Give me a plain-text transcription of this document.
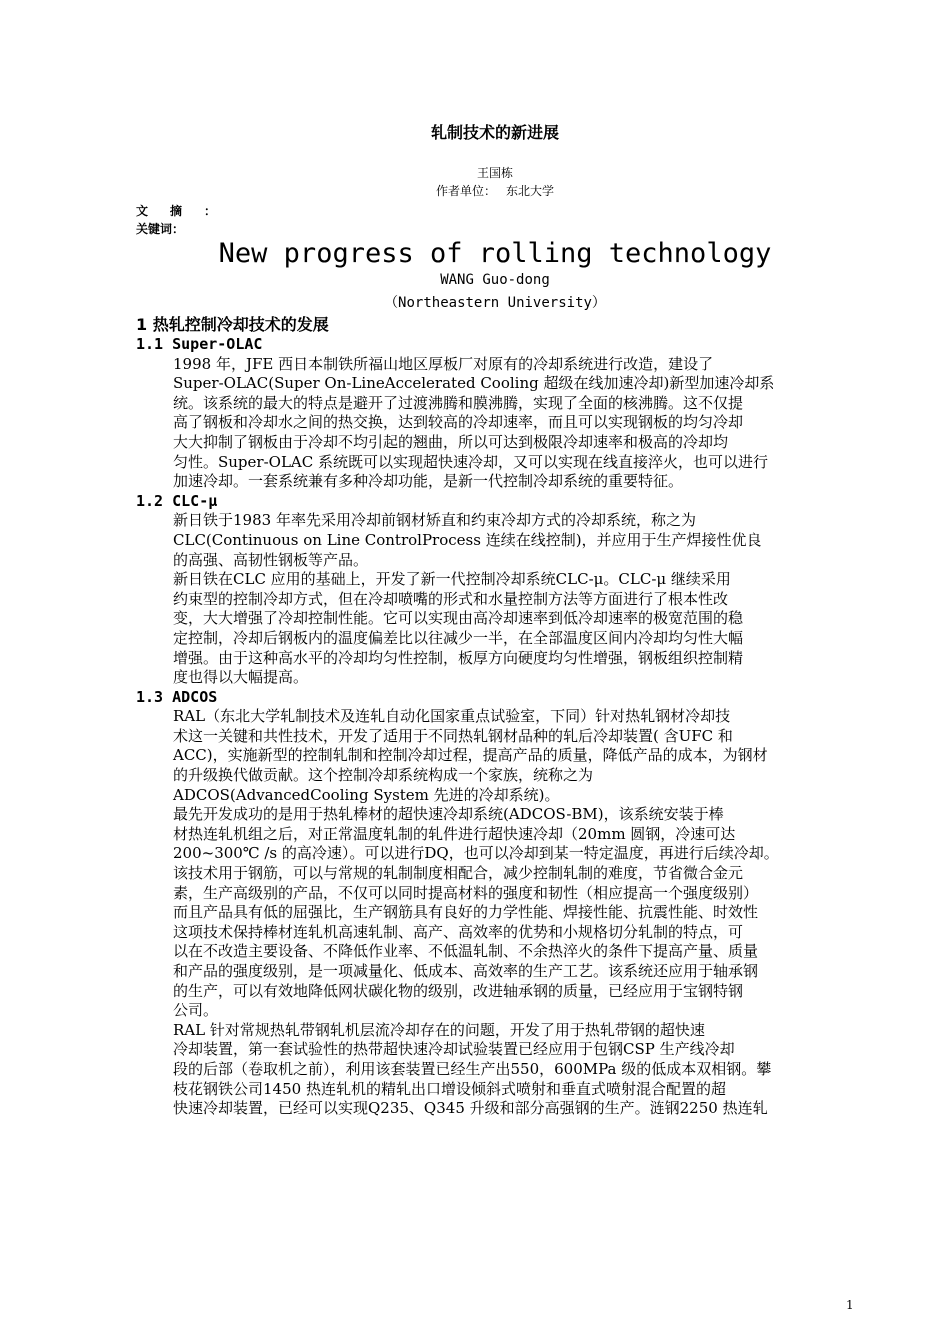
轧制技术的新进展
王国栋
作者单位： 东北大学
文摘：
关键词：
New progress of rolling technology
WANG Guo-dong
（Northeastern University）
1 热轧控制冷却技术的发展
1.1 Super-OLAC

1998 年，JFE 西日本制铁所福山地区厚板厂对原有的冷却系统进行改造，建设了
Super-OLAC(Super On-LineAccelerated Cooling 超级在线加速冷却)新型加速冷却系
统。该系统的最大的特点是避开了过渡沸腾和膜沸腾，实现了全面的核沸腾。这不仅提
高了钢板和冷却水之间的热交换，达到较高的冷却速率，而且可以实现钢板的均匀冷却
大大抑制了钢板由于冷却不均引起的翘曲，所以可达到极限冷却速率和极高的冷却均
匀性。Super-OLAC 系统既可以实现超快速冷却，又可以实现在线直接淬火，也可以进行
加速冷却。一套系统兼有多种冷却功能，是新一代控制冷却系统的重要特征。

1.2 CLC-μ

新日铁于1983 年率先采用冷却前钢材矫直和约束冷却方式的冷却系统，称之为
CLC(Continuous on Line ControlProcess 连续在线控制)，并应用于生产焊接性优良
的高强、高韧性钢板等产品。

新日铁在CLC 应用的基础上，开发了新一代控制冷却系统CLC-μ。CLC-μ 继续采用
约束型的控制冷却方式，但在冷却喷嘴的形式和水量控制方法等方面进行了根本性改
变，大大增强了冷却控制性能。它可以实现由高冷却速率到低冷却速率的极宽范围的稳
定控制，冷却后钢板内的温度偏差比以往减少一半，在全部温度区间内冷却均匀性大幅
增强。由于这种高水平的冷却均匀性控制，板厚方向硬度均匀性增强，钢板组织控制精
度也得以大幅提高。

1.3 ADCOS

RAL（东北大学轧制技术及连轧自动化国家重点试验室，下同）针对热轧钢材冷却技
术这一关键和共性技术，开发了适用于不同热轧钢材品种的轧后冷却装置( 含UFC 和
ACC)，实施新型的控制轧制和控制冷却过程，提高产品的质量，降低产品的成本，为钢材
的升级换代做贡献。这个控制冷却系统构成一个家族，统称之为
ADCOS(AdvancedCooling System 先进的冷却系统)。

最先开发成功的是用于热轧棒材的超快速冷却系统(ADCOS-BM)，该系统安装于棒
材热连轧机组之后，对正常温度轧制的轧件进行超快速冷却（20mm 圆钢，冷速可达
200~300℃ /s 的高冷速）。可以进行DQ，也可以冷却到某一特定温度，再进行后续冷却。
该技术用于钢筋，可以与常规的轧制制度相配合，减少控制轧制的难度，节省微合金元
素，生产高级别的产品，不仅可以同时提高材料的强度和韧性（相应提高一个强度级别）
而且产品具有低的屈强比，生产钢筋具有良好的力学性能、焊接性能、抗震性能、时效性
这项技术保持棒材连轧机高速轧制、高产、高效率的优势和小规格切分轧制的特点，可
以在不改造主要设备、不降低作业率、不低温轧制、不余热淬火的条件下提高产量、质量
和产品的强度级别，是一项减量化、低成本、高效率的生产工艺。该系统还应用于轴承钢
的生产，可以有效地降低网状碳化物的级别，改进轴承钢的质量，已经应用于宝钢特钢
公司。

RAL 针对常规热轧带钢轧机层流冷却存在的问题，开发了用于热轧带钢的超快速
冷却装置，第一套试验性的热带超快速冷却试验装置已经应用于包钢CSP 生产线冷却
段的后部（卷取机之前），利用该套装置已经生产出550，600MPa 级的低成本双相钢。攀
枝花钢铁公司1450 热连轧机的精轧出口增设倾斜式喷射和垂直式喷射混合配置的超
快速冷却装置，已经可以实现Q235、Q345 升级和部分高强钢的生产。涟钢2250 热连轧

1
